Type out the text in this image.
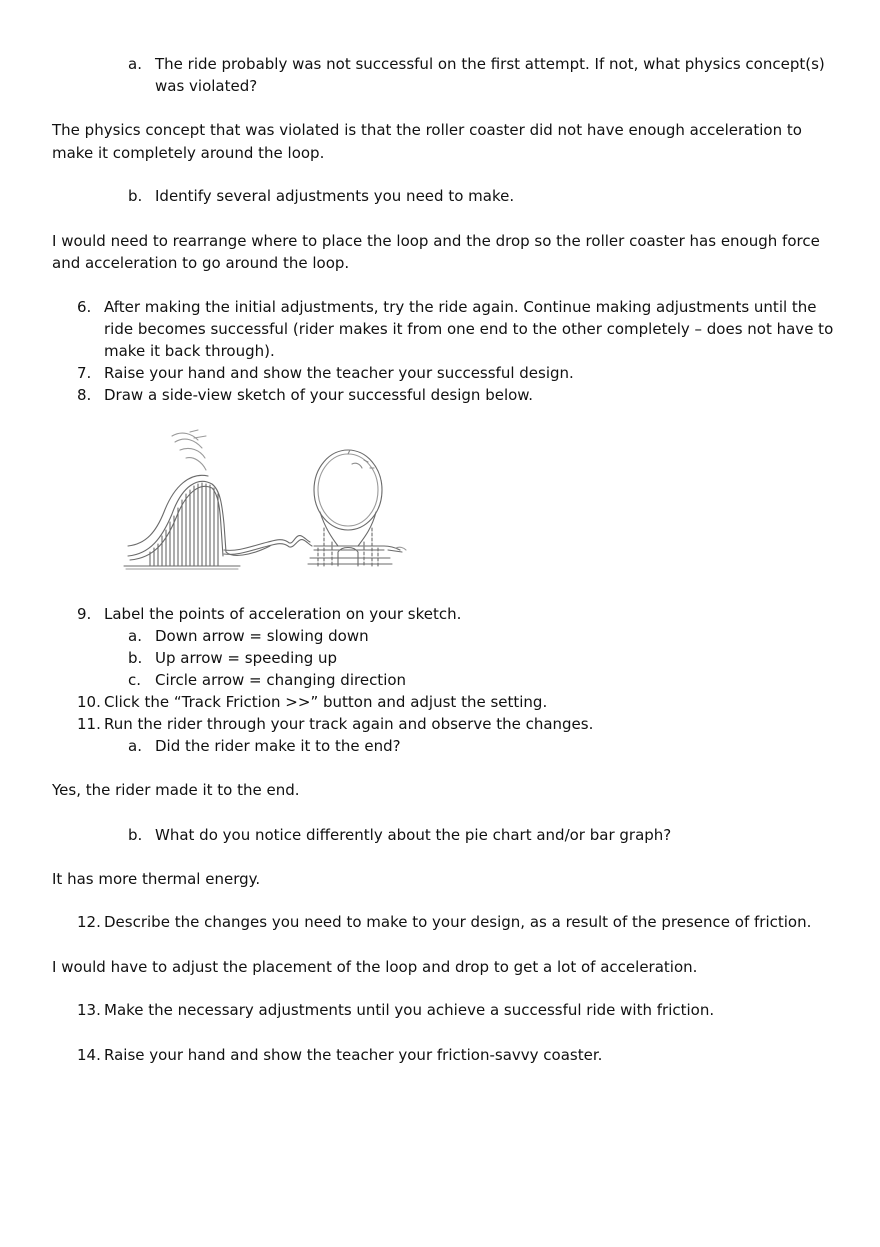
a. The ride probably was not successful on the first attempt. If not, what physics concept(s)
was violated?
The physics concept that was violated is that the roller coaster did not have enough acceleration to
make it completely around the loop.
b. Identify several adjustments you need to make.
I would need to rearrange where to place the loop and the drop so the roller coaster has enough force
and acceleration to go around the loop.
6. After making the initial adjustments, try the ride again. Continue making adjustments until the
ride becomes successful (rider makes it from one end to the other completely – does not have to
make it back through).
7. Raise your hand and show the teacher your successful design.
8. Draw a side-view sketch of your successful design below.
9. Label the points of acceleration on your sketch.
a. Down arrow = slowing down
b. Up arrow = speeding up
c. Circle arrow = changing direction
10. Click the “Track Friction >>” button and adjust the setting.
11. Run the rider through your track again and observe the changes.
a. Did the rider make it to the end?
Yes, the rider made it to the end.
b. What do you notice differently about the pie chart and/or bar graph?
It has more thermal energy.
12. Describe the changes you need to make to your design, as a result of the presence of friction.
I would have to adjust the placement of the loop and drop to get a lot of acceleration.
13. Make the necessary adjustments until you achieve a successful ride with friction.
14. Raise your hand and show the teacher your friction-savvy coaster.
